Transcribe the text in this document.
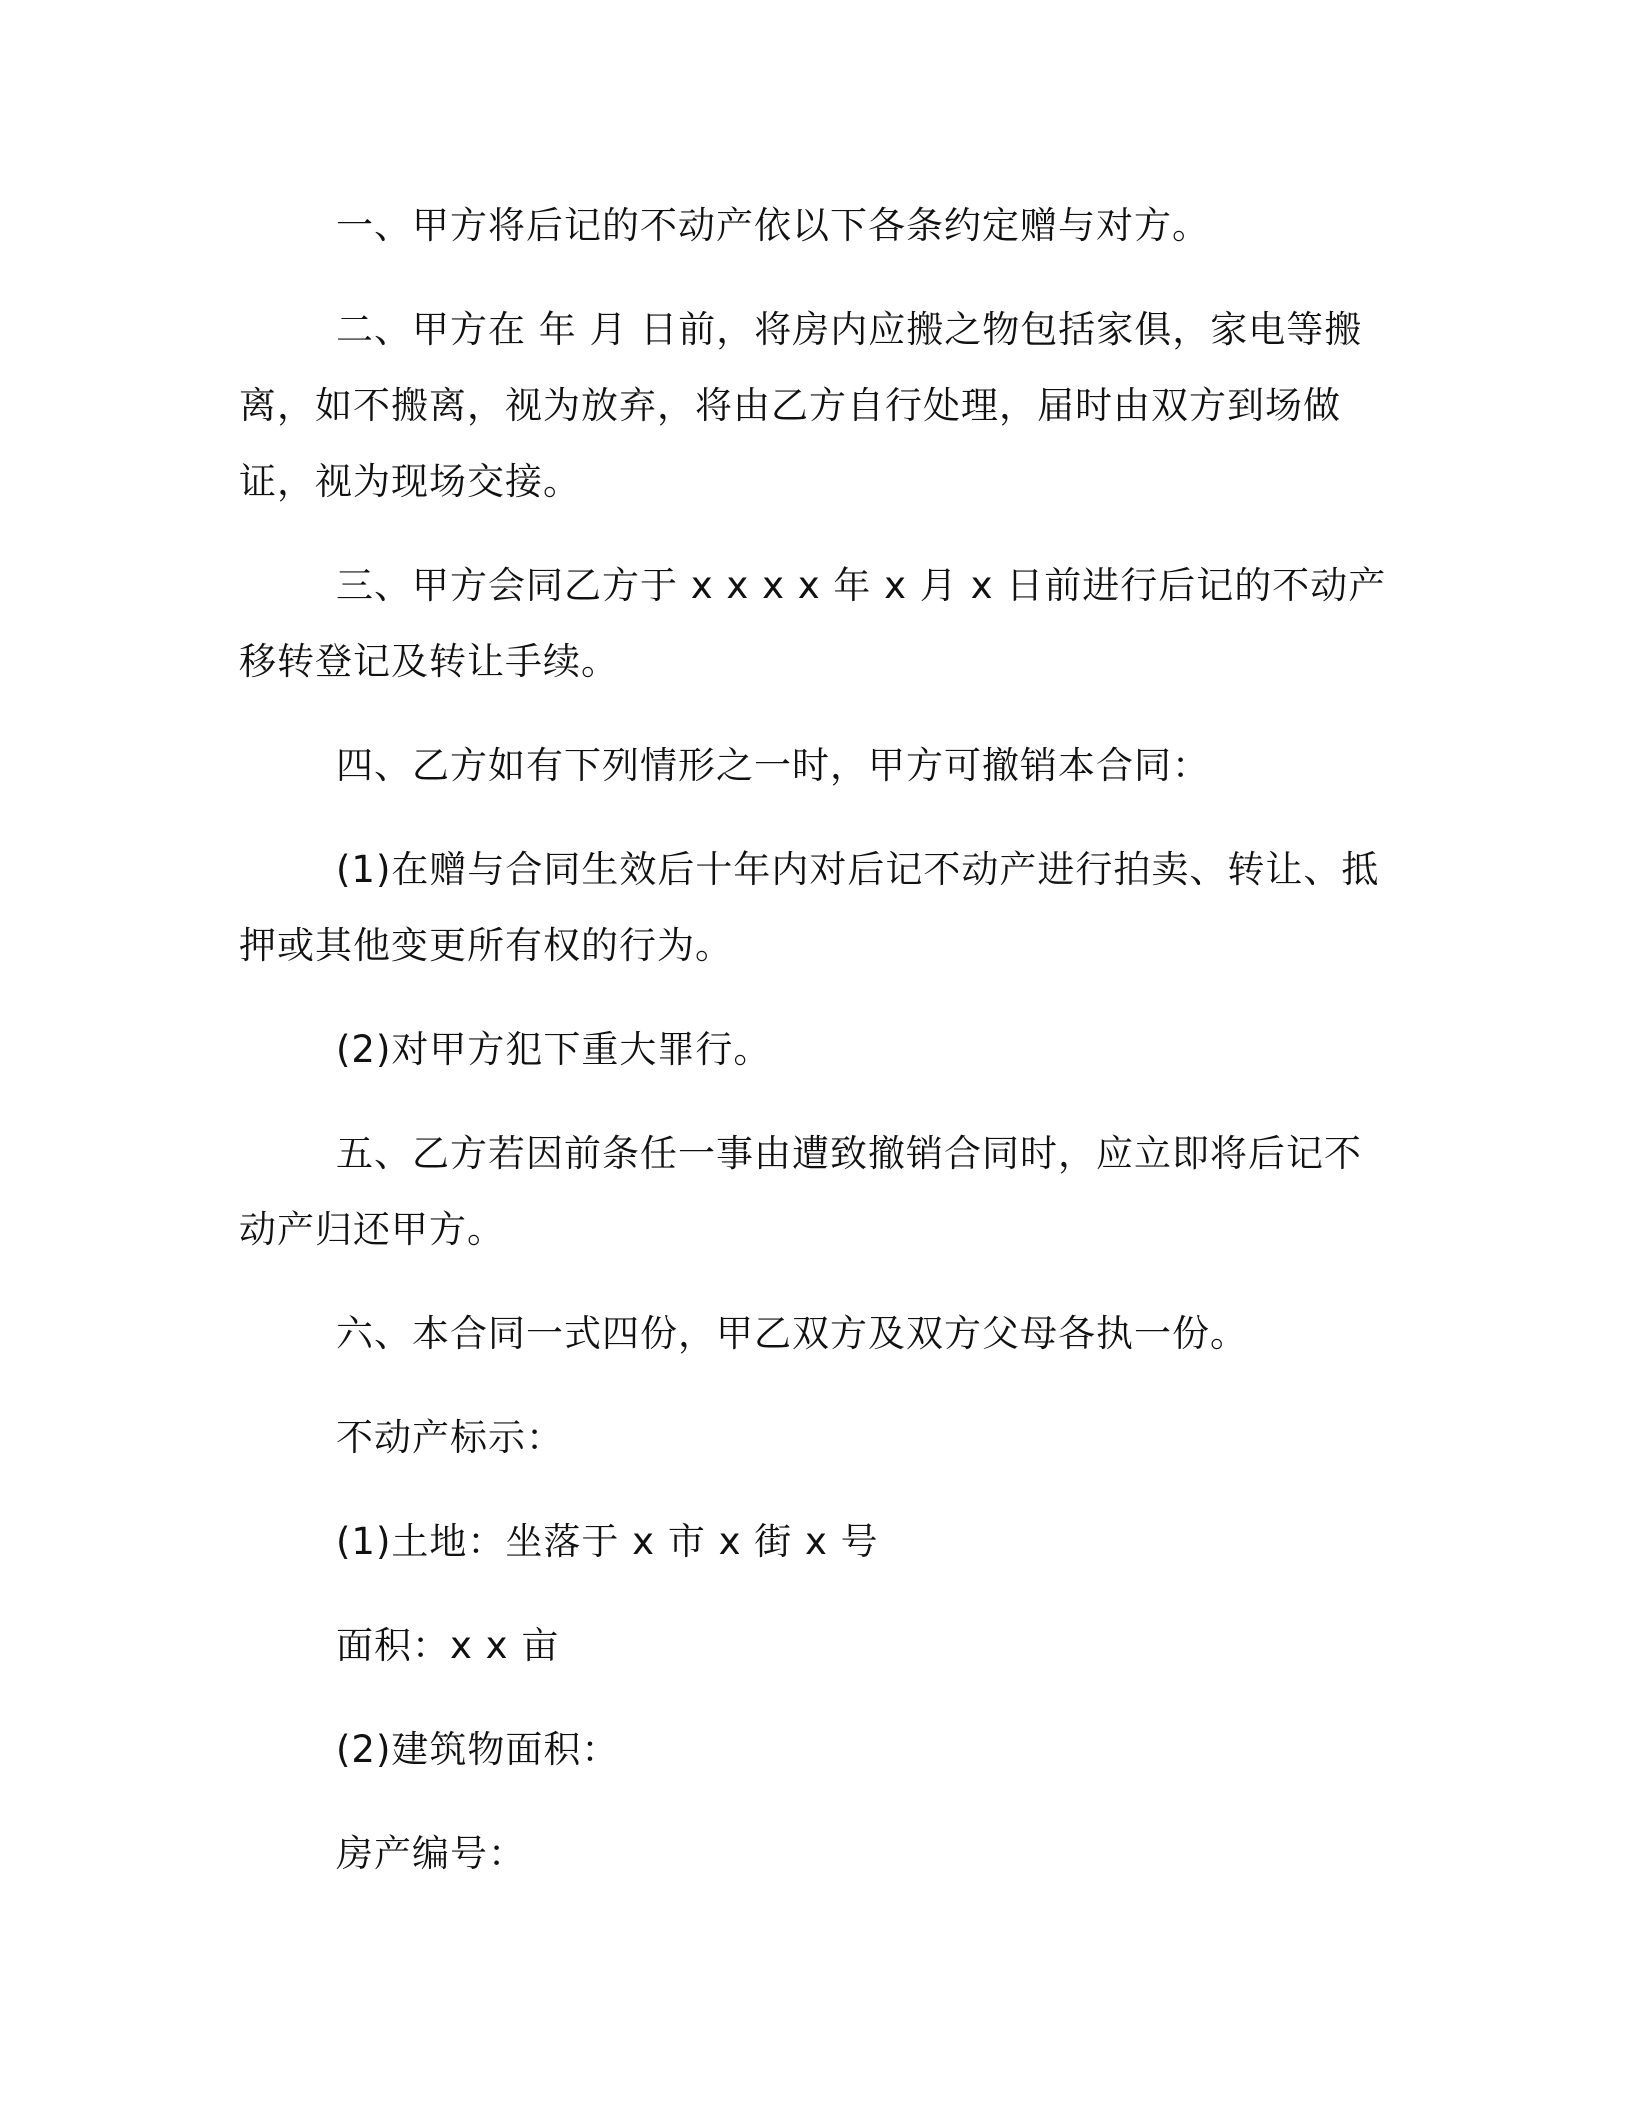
一、甲方将后记的不动产依以下各条约定赠与对方。

二、甲方在 年 月 日前，将房内应搬之物包括家俱，家电等搬离，如不搬离，视为放弃，将由乙方自行处理，届时由双方到场做证，视为现场交接。

三、甲方会同乙方于 x x x x 年 x 月 x 日前进行后记的不动产移转登记及转让手续。

四、乙方如有下列情形之一时，甲方可撤销本合同：

(1)在赠与合同生效后十年内对后记不动产进行拍卖、转让、抵押或其他变更所有权的行为。

(2)对甲方犯下重大罪行。

五、乙方若因前条任一事由遭致撤销合同时，应立即将后记不动产归还甲方。

六、本合同一式四份，甲乙双方及双方父母各执一份。

不动产标示：

(1)土地：坐落于 x 市 x 街 x 号

面积：x x 亩

(2)建筑物面积：

房产编号：
